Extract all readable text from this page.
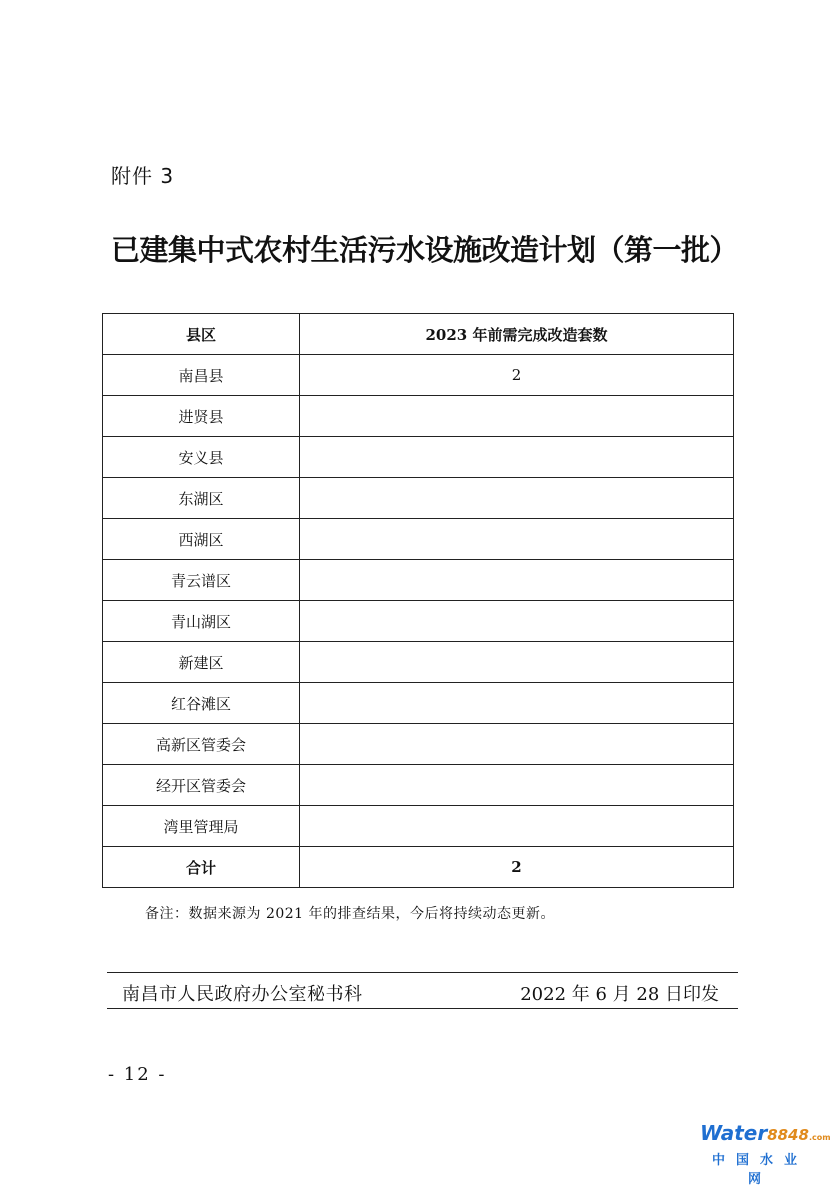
附件 3
已建集中式农村生活污水设施改造计划（第一批）
县区	2023 年前需完成改造套数
南昌县	2
进贤县	
安义县	
东湖区	
西湖区	
青云谱区	
青山湖区	
新建区	
红谷滩区	
高新区管委会	
经开区管委会	
湾里管理局	
合计	2
备注：数据来源为 2021 年的排查结果，今后将持续动态更新。
南昌市人民政府办公室秘书科	2022 年 6 月 28 日印发
- 12 -
Water8848.com
中国水业网
